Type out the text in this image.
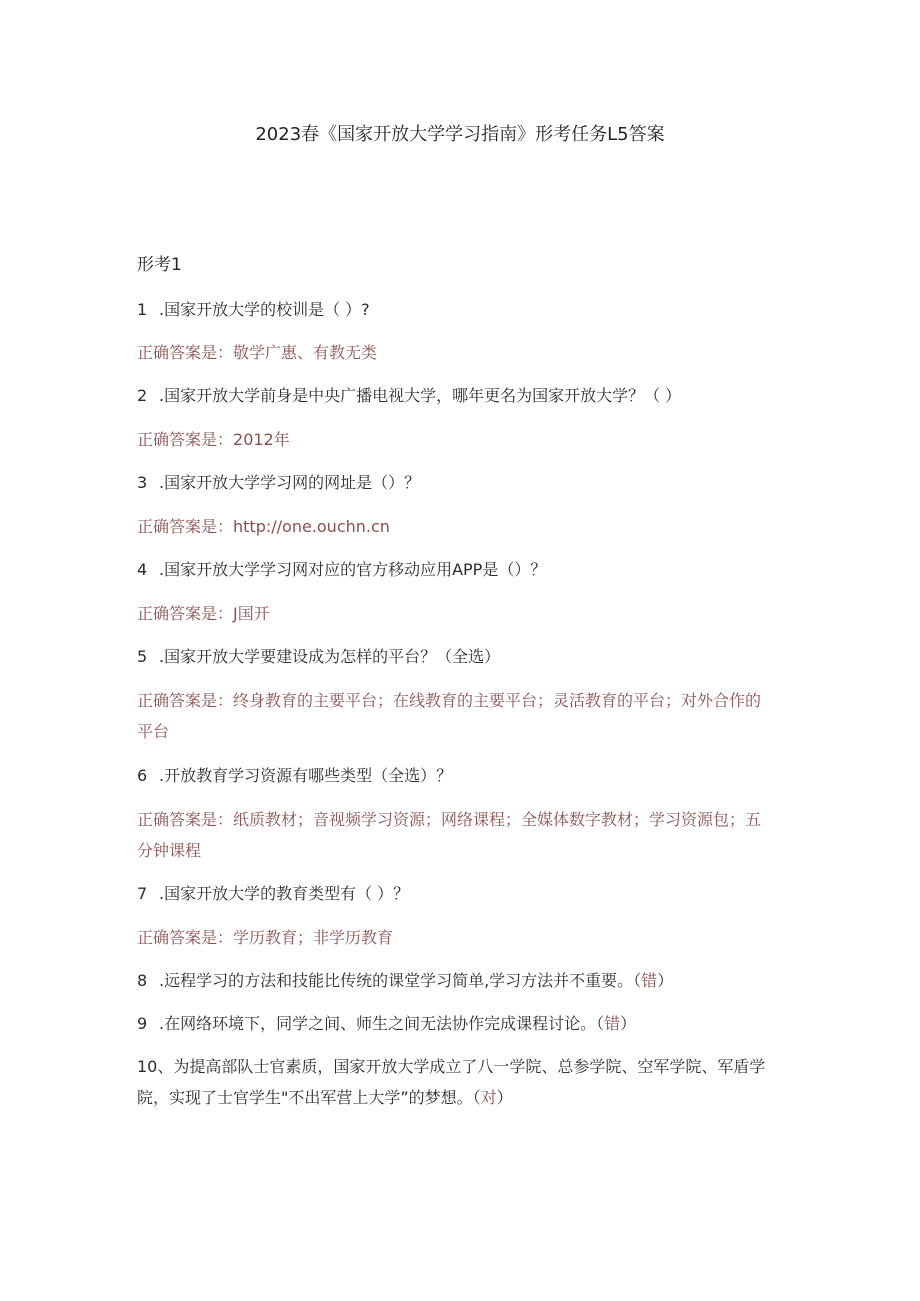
2023春《国家开放大学学习指南》形考任务L5答案
形考1
1 .国家开放大学的校训是（ ）?
正确答案是：敬学广惠、有教无类
2 .国家开放大学前身是中央广播电视大学，哪年更名为国家开放大学？（ ）
正确答案是：2012年
3 .国家开放大学学习网的网址是（）？
正确答案是：http://one.ouchn.cn
4 .国家开放大学学习网对应的官方移动应用APP是（）？
正确答案是：J国开
5 .国家开放大学要建设成为怎样的平台？（全选）
正确答案是：终身教育的主要平台；在线教育的主要平台；灵活教育的平台；对外合作的平台
6 .开放教育学习资源有哪些类型（全选）？
正确答案是：纸质教材；音视频学习资源；网络课程；全媒体数字教材；学习资源包；五分钟课程
7 .国家开放大学的教育类型有（ ）？
正确答案是：学历教育；非学历教育
8 .远程学习的方法和技能比传统的课堂学习简单,学习方法并不重要。（错）
9 .在网络环境下，同学之间、师生之间无法协作完成课程讨论。（错）
10、为提高部队士官素质，国家开放大学成立了八一学院、总参学院、空军学院、军盾学院，实现了士官学生"不出军营上大学”的梦想。（对）
